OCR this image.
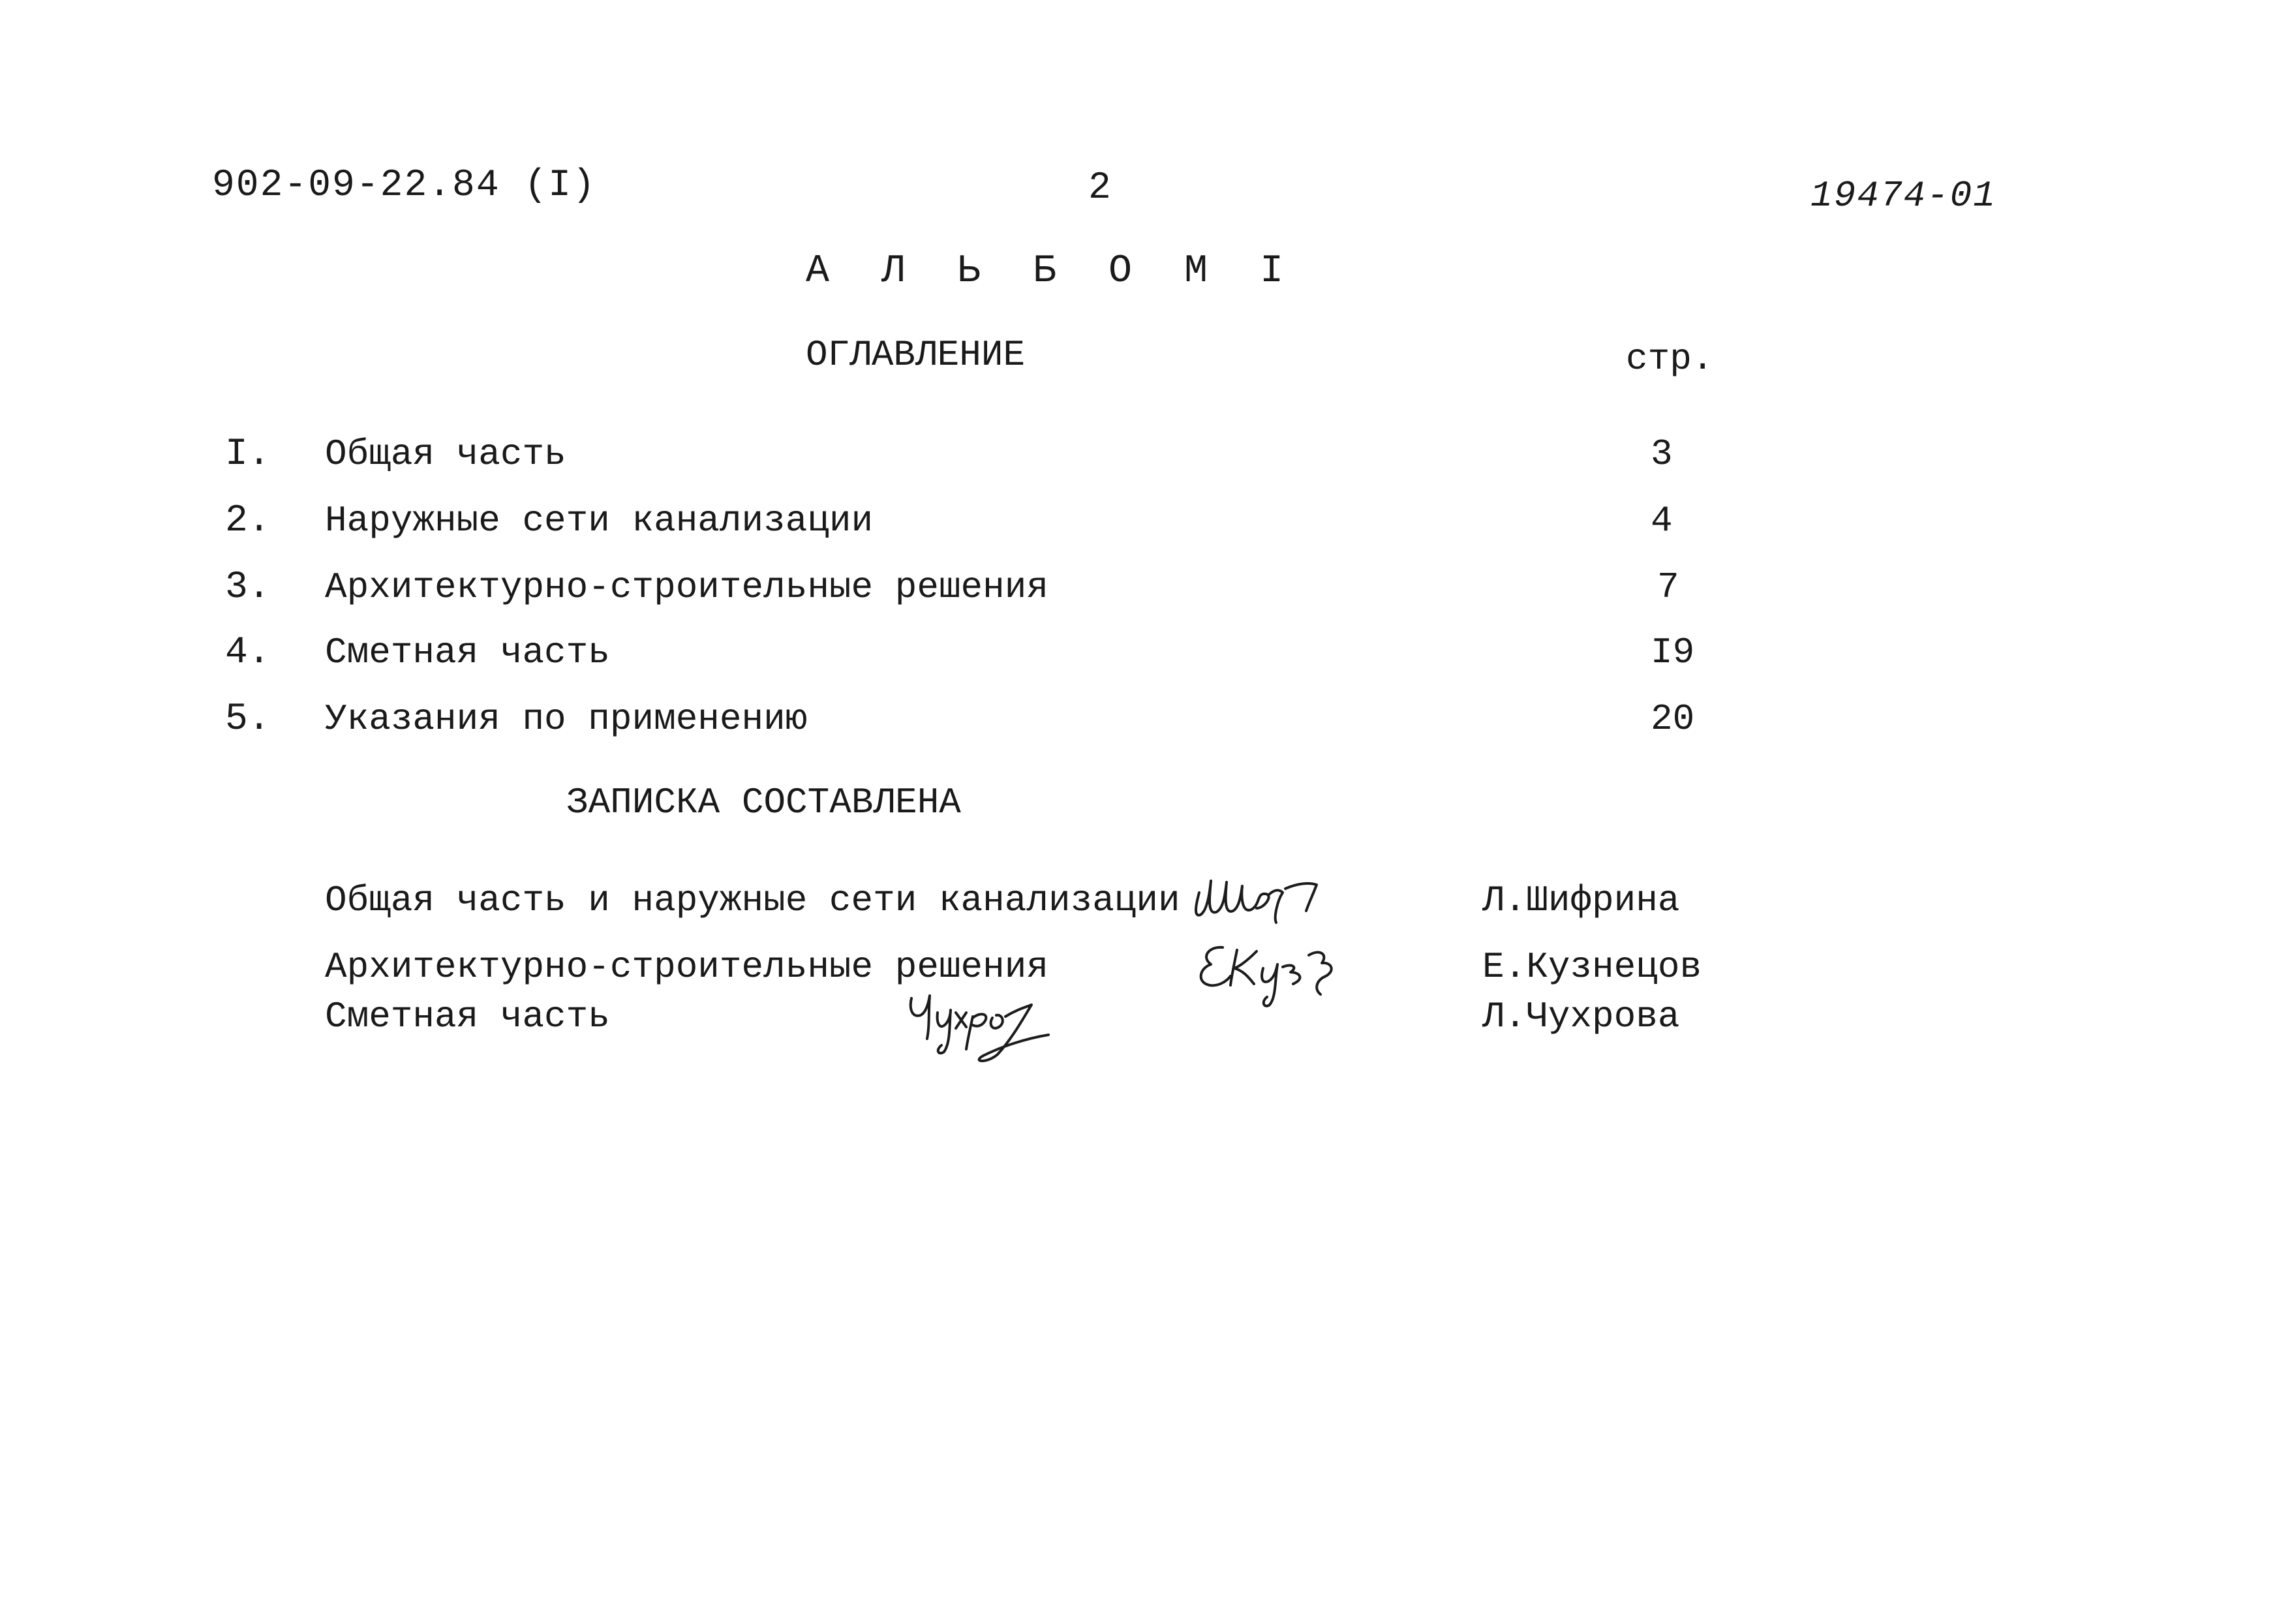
902-09-22.84 (I)	2	19474-01
А Л Ь Б О М I
ОГЛАВЛЕНИЕ	стр.
I. Общая часть	3
2. Наружные сети канализации	4
3. Архитектурно-строительные решения	7
4. Сметная часть	I9
5. Указания по применению	20
ЗАПИСКА СОСТАВЛЕНА
Общая часть и наружные сети канализации	Л.Шифрина
Архитектурно-строительные решения	Е.Кузнецов
Сметная часть	Л.Чухрова
